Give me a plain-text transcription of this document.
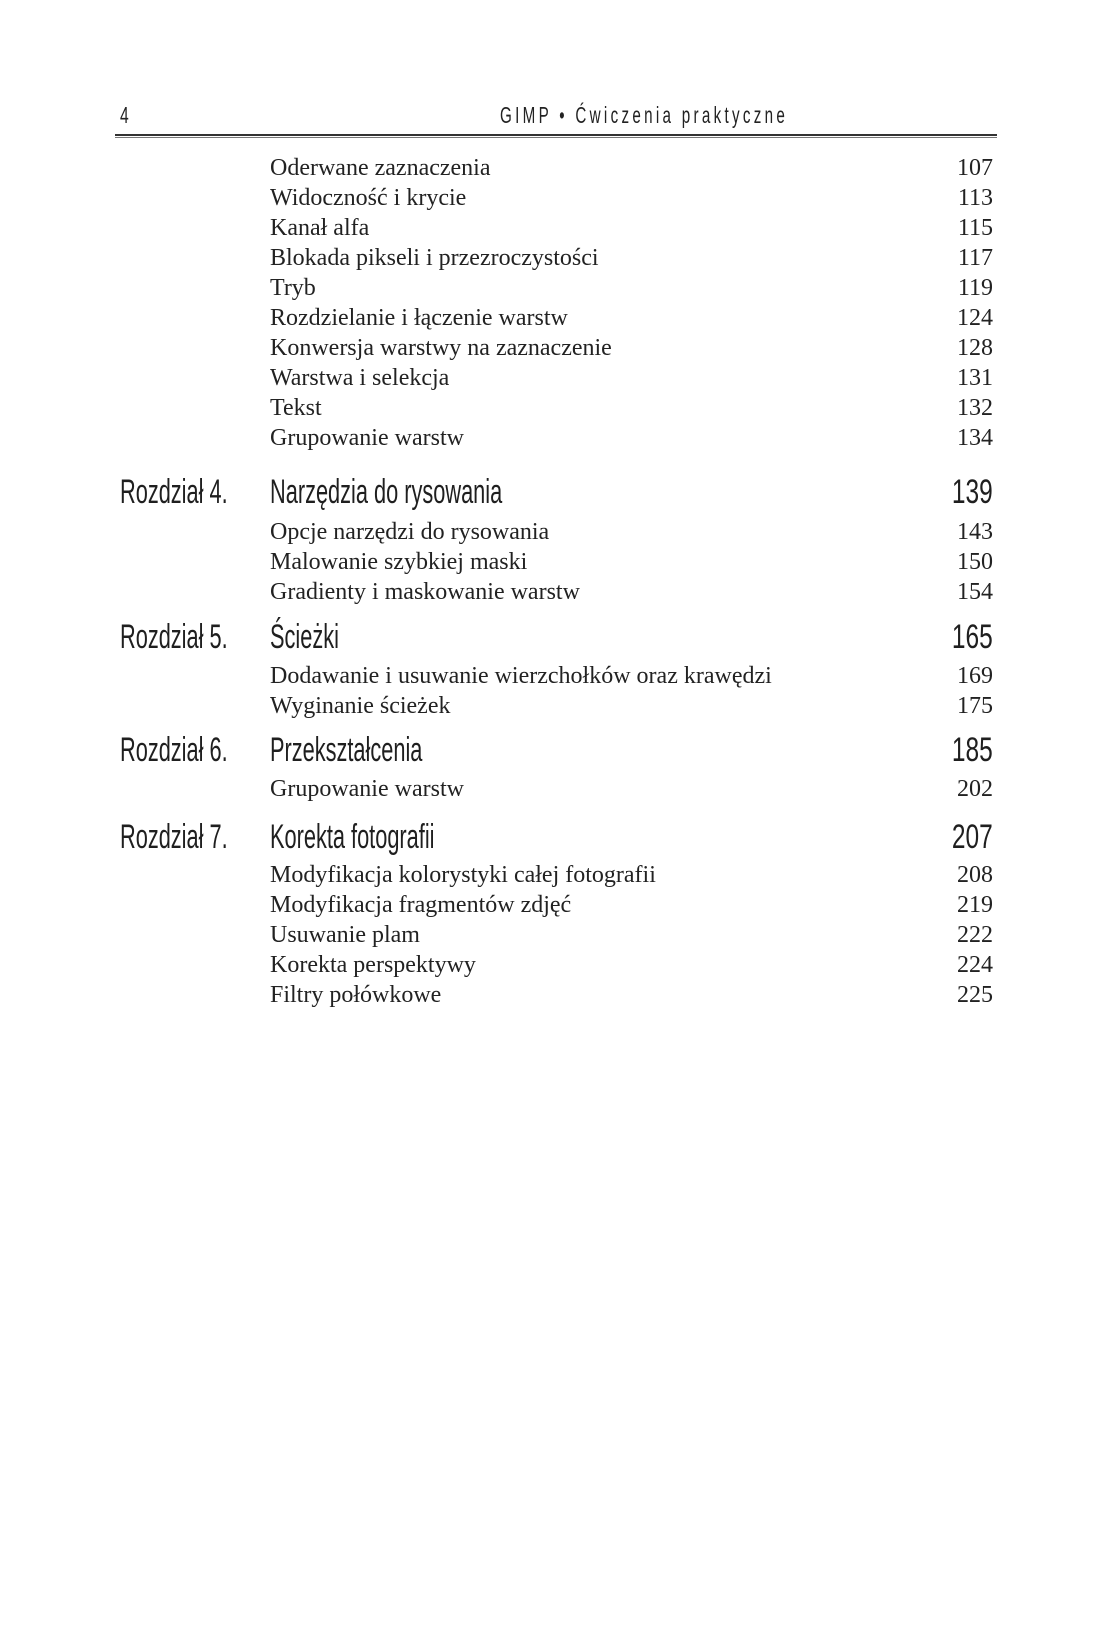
4	GIMP • Ćwiczenia praktyczne
Oderwane zaznaczenia	107
Widoczność i krycie	113
Kanał alfa	115
Blokada pikseli i przezroczystości	117
Tryb	119
Rozdzielanie i łączenie warstw	124
Konwersja warstwy na zaznaczenie	128
Warstwa i selekcja	131
Tekst	132
Grupowanie warstw	134
Rozdział 4. Narzędzia do rysowania	139
Opcje narzędzi do rysowania	143
Malowanie szybkiej maski	150
Gradienty i maskowanie warstw	154
Rozdział 5. Ścieżki	165
Dodawanie i usuwanie wierzchołków oraz krawędzi	169
Wyginanie ścieżek	175
Rozdział 6. Przekształcenia	185
Grupowanie warstw	202
Rozdział 7. Korekta fotografii	207
Modyfikacja kolorystyki całej fotografii	208
Modyfikacja fragmentów zdjęć	219
Usuwanie plam	222
Korekta perspektywy	224
Filtry połówkowe	225
